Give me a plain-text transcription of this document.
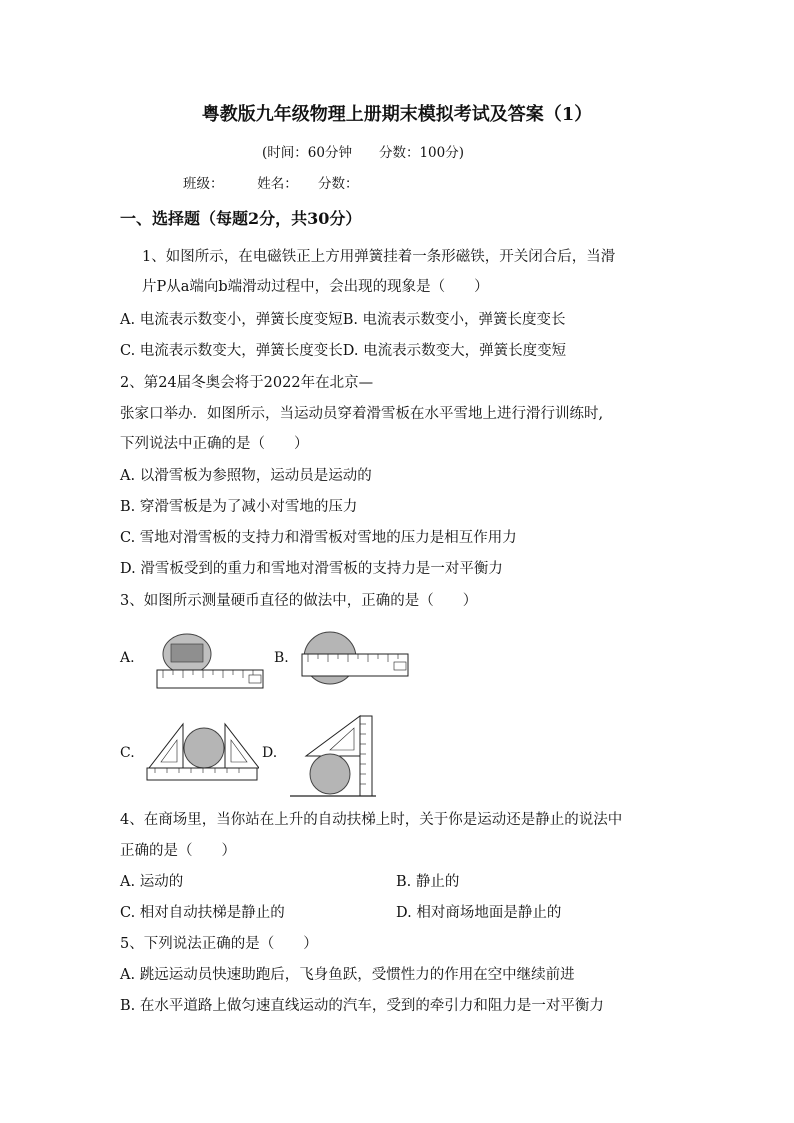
粤教版九年级物理上册期末模拟考试及答案（1）
(时间：60分钟　　分数：100分)
班级：　　　姓名：　　分数：
一、选择题（每题2分，共30分）
1、如图所示，在电磁铁正上方用弹簧挂着一条形磁铁，开关闭合后，当滑
片P从a端向b端滑动过程中，会出现的现象是（　　）
A. 电流表示数变小，弹簧长度变短B. 电流表示数变小，弹簧长度变长
C. 电流表示数变大，弹簧长度变长D. 电流表示数变大，弹簧长度变短
2、第24届冬奥会将于2022年在北京—
张家口举办．如图所示，当运动员穿着滑雪板在水平雪地上进行滑行训练时,
下列说法中正确的是（　　）
A. 以滑雪板为参照物，运动员是运动的
B. 穿滑雪板是为了减小对雪地的压力
C. 雪地对滑雪板的支持力和滑雪板对雪地的压力是相互作用力
D. 滑雪板受到的重力和雪地对滑雪板的支持力是一对平衡力
3、如图所示测量硬币直径的做法中，正确的是（　　）
A.	B.
C.	D.
4、在商场里，当你站在上升的自动扶梯上时，关于你是运动还是静止的说法中
正确的是（　　）
A. 运动的	B. 静止的
C. 相对自动扶梯是静止的	D. 相对商场地面是静止的
5、下列说法正确的是（　　）
A. 跳远运动员快速助跑后，飞身鱼跃，受惯性力的作用在空中继续前进
B. 在水平道路上做匀速直线运动的汽车，受到的牵引力和阻力是一对平衡力
